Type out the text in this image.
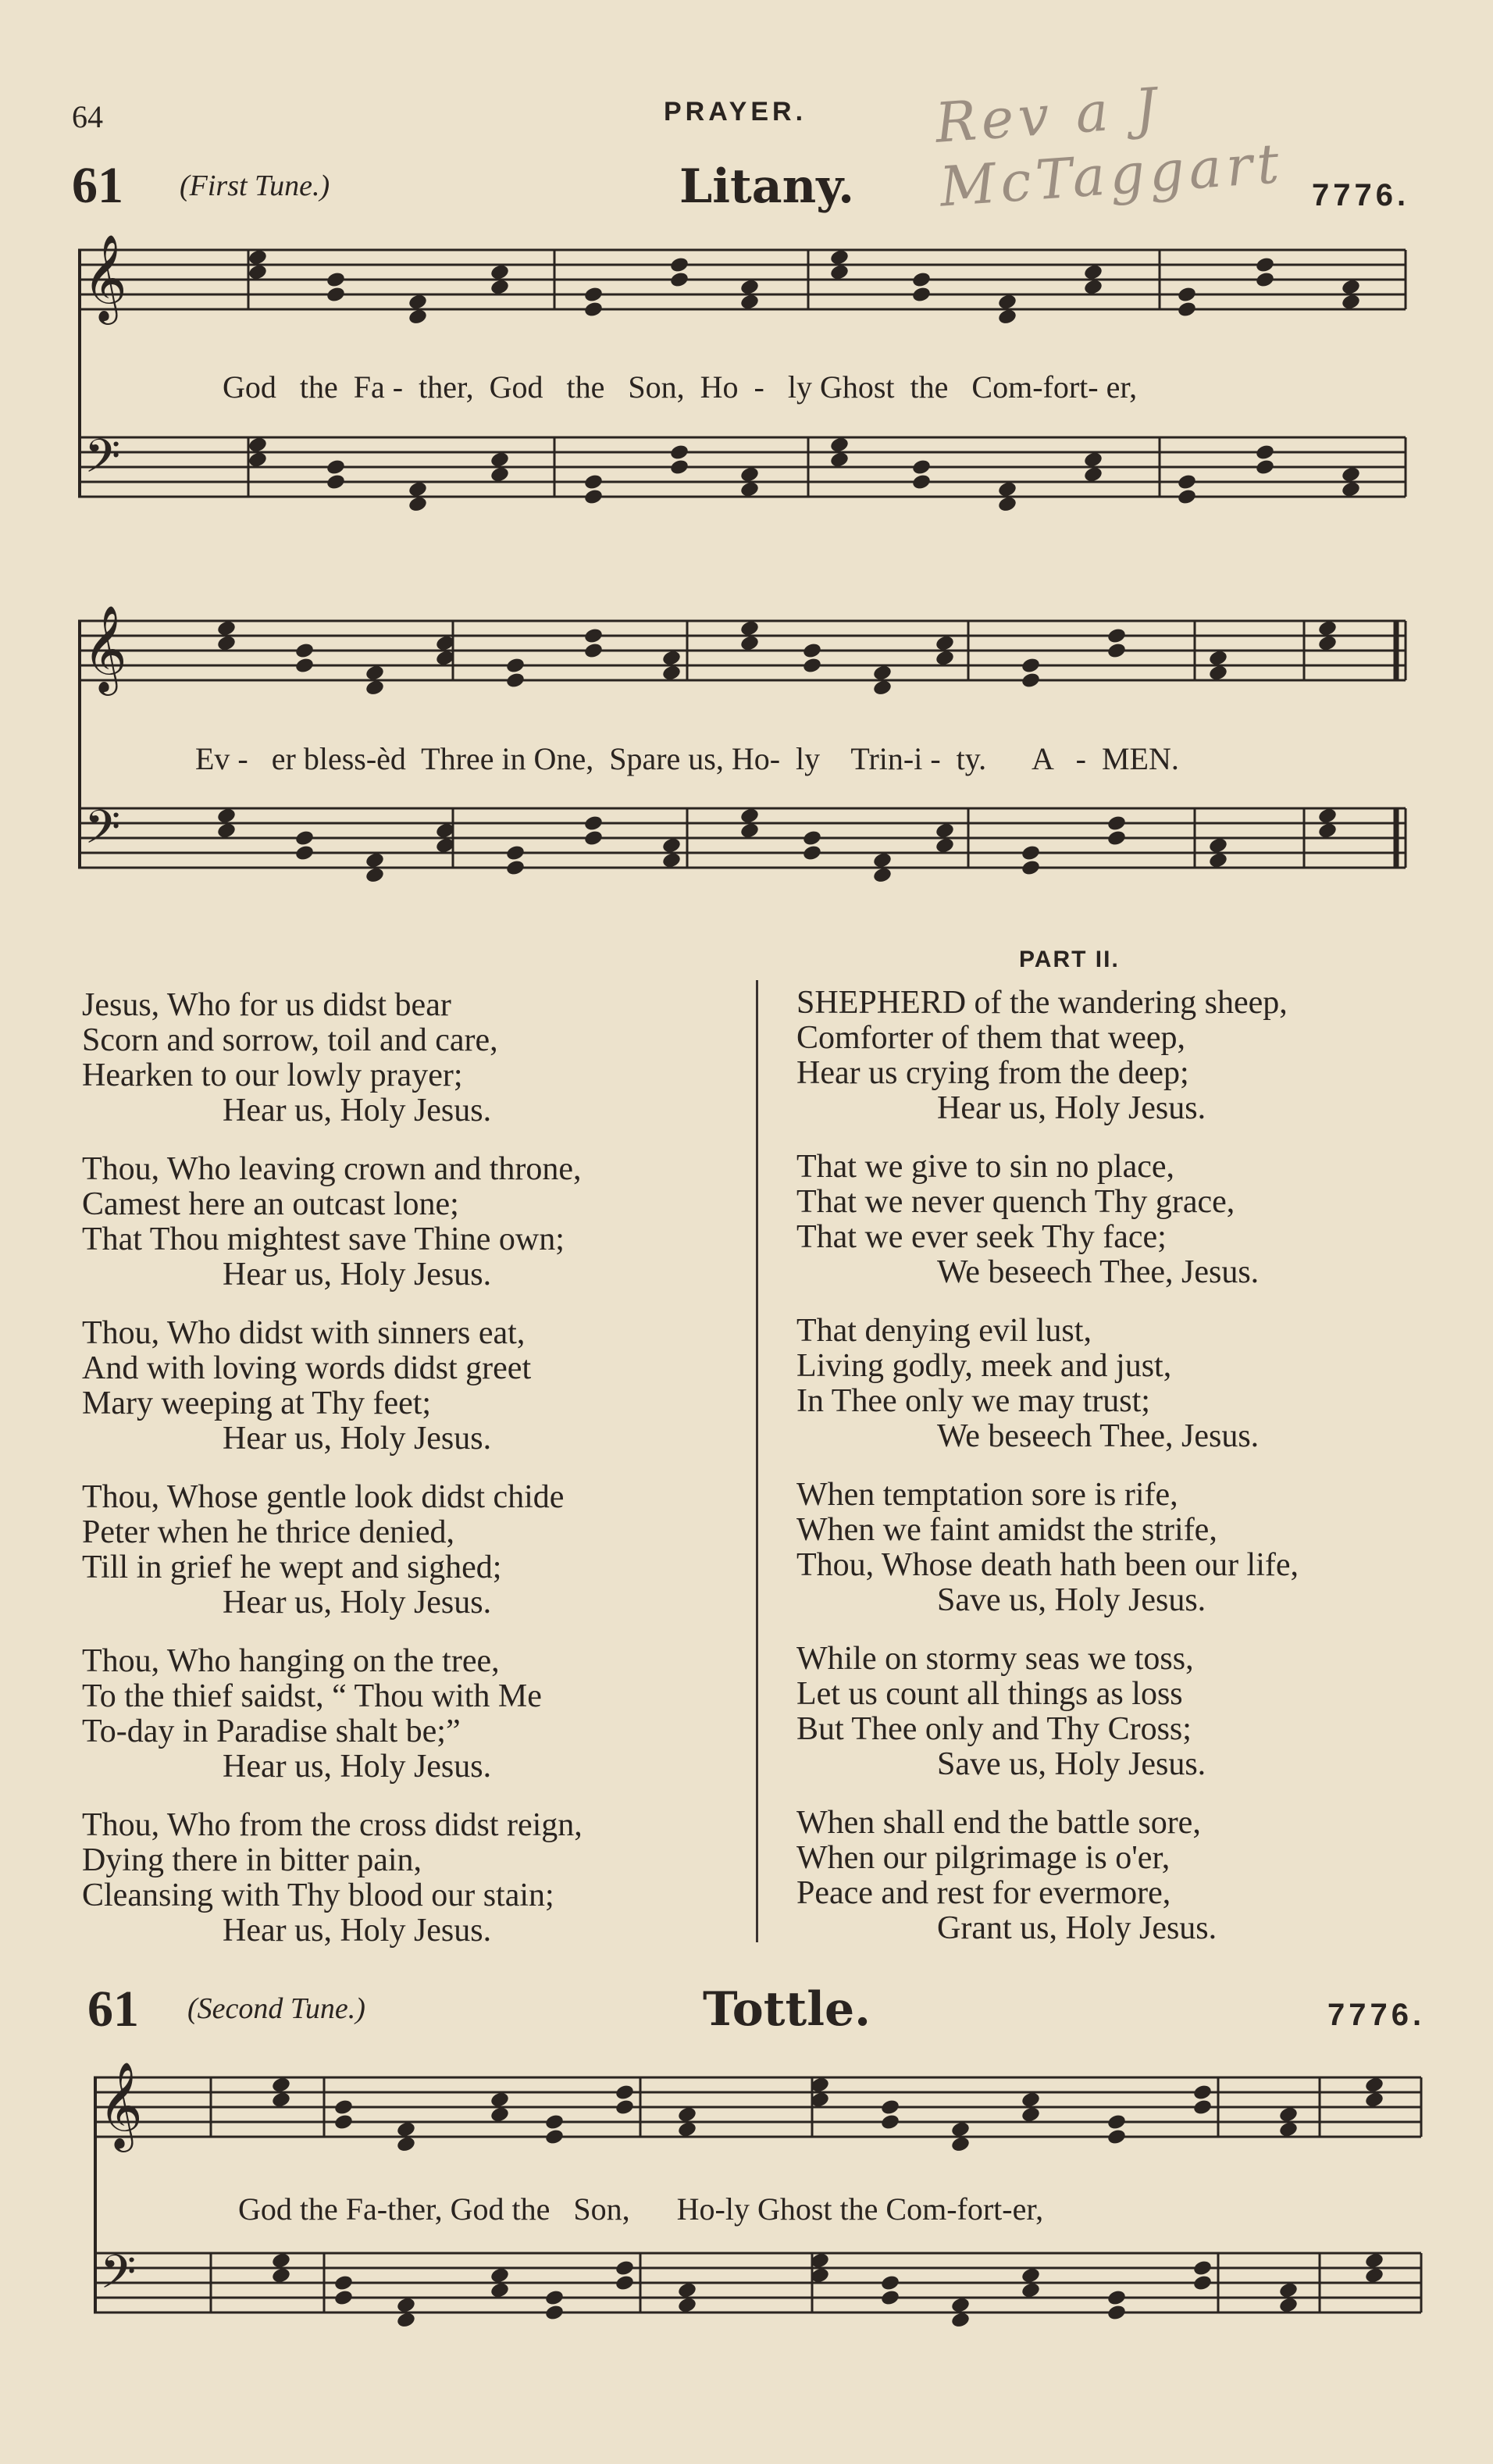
64	PRAYER. Rev a J McTaggart
61 (First Tune.)	Litany.	7776.
𝄞
𝄢
God   the  Fa -  ther,  God   the   Son,  Ho  -   ly Ghost  the   Com-fort- er,
𝄞
𝄢
Ev -   er bless-èd  Three in One,  Spare us, Ho-  ly    Trin-i -  ty.      A   -  MEN.
PART II.
Jesus, Who for us didst bear
Scorn and sorrow, toil and care,
Hearken to our lowly prayer;
Hear us, Holy Jesus.
Thou, Who leaving crown and throne,
Camest here an outcast lone;
That Thou mightest save Thine own;
Hear us, Holy Jesus.
Thou, Who didst with sinners eat,
And with loving words didst greet
Mary weeping at Thy feet;
Hear us, Holy Jesus.
Thou, Whose gentle look didst chide
Peter when he thrice denied,
Till in grief he wept and sighed;
Hear us, Holy Jesus.
Thou, Who hanging on the tree,
To the thief saidst, “ Thou with Me
To-day in Paradise shalt be;”
Hear us, Holy Jesus.
Thou, Who from the cross didst reign,
Dying there in bitter pain,
Cleansing with Thy blood our stain;
Hear us, Holy Jesus.
SHEPHERD of the wandering sheep,
Comforter of them that weep,
Hear us crying from the deep;
Hear us, Holy Jesus.
That we give to sin no place,
That we never quench Thy grace,
That we ever seek Thy face;
We beseech Thee, Jesus.
That denying evil lust,
Living godly, meek and just,
In Thee only we may trust;
We beseech Thee, Jesus.
When temptation sore is rife,
When we faint amidst the strife,
Thou, Whose death hath been our life,
Save us, Holy Jesus.
While on stormy seas we toss,
Let us count all things as loss
But Thee only and Thy Cross;
Save us, Holy Jesus.
When shall end the battle sore,
When our pilgrimage is o'er,
Peace and rest for evermore,
Grant us, Holy Jesus.
61 (Second Tune.)	Tottle.	7776.
𝄞
𝄢
God the Fa-ther, God the   Son,      Ho-ly Ghost the Com-fort-er,
